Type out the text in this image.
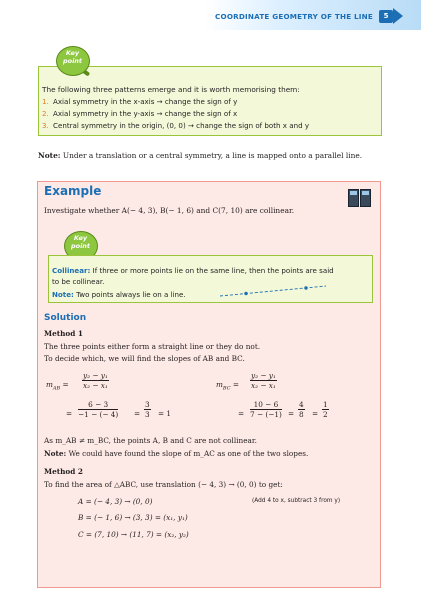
COORDINATE GEOMETRY OF THE LINE	5
Key point
The following three patterns emerge and it is worth memorising them:
1. Axial symmetry in the x-axis → change the sign of y
2. Axial symmetry in the y-axis → change the sign of x
3. Central symmetry in the origin, (0, 0) → change the sign of both x and y
Note: Under a translation or a central symmetry, a line is mapped onto a parallel line.
Example
Investigate whether A(− 4, 3), B(− 1, 6) and C(7, 10) are collinear.
Key point
Collinear: If three or more points lie on the same line, then the points are said
to be collinear.
Note: Two points always lie on a line.
Solution
Method 1
The three points either form a straight line or they do not.
To decide which, we will find the slopes of AB and BC.
$m_{AB} = \frac{\text{y₂ − y₁}}{\text{x₂ − x₁}}$
= $\frac{6 - 3}{-1 - (- 4)} = \frac{3}{3} = 1$
$m_{BC} = \frac{\text{y₂ − y₁}}{\text{x₂ − x₁}}$
= $\frac{10 - 6}{7 - (-1)} = \frac{4}{8} = \frac{1}{2}$
As m_AB ≠ m_BC, the points A, B and C are not collinear.
Note: We could have found the slope of m_AC as one of the two slopes.
Method 2
To find the area of △ABC, use translation (− 4, 3) → (0, 0) to get:
A = (− 4, 3) → (0, 0)	(Add 4 to x, subtract 3 from y)
B = (− 1, 6) → (3, 3) = (x₁, y₁)
C = (7, 10) → (11, 7) = (x₂, y₂)
